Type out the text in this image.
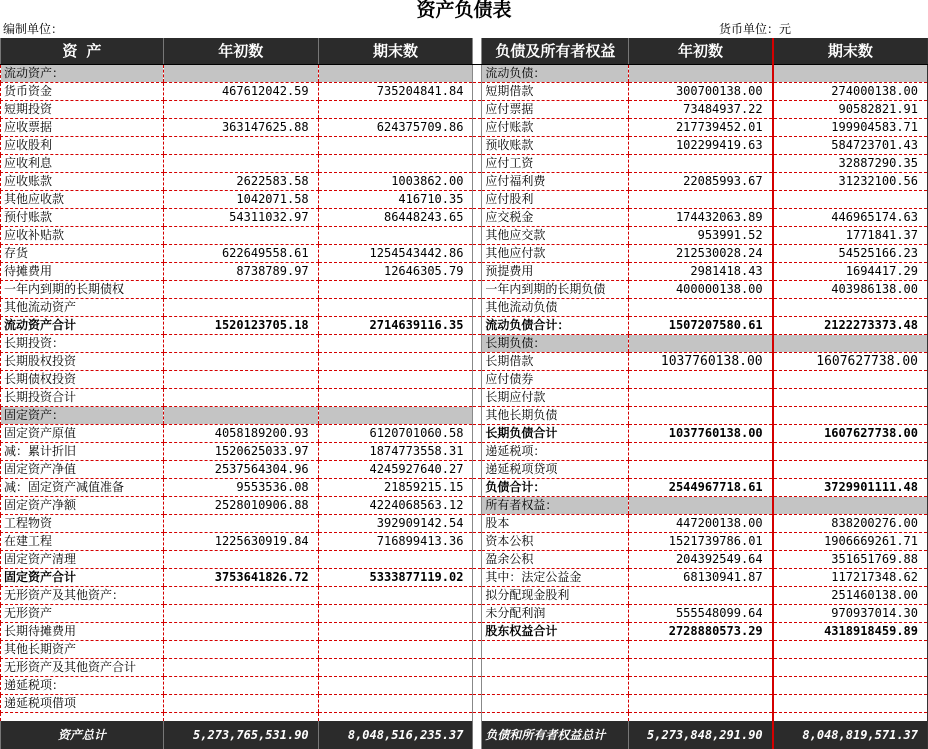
资产负债表
编制单位：	货币单位：元
资 产	年初数	期末数		负债及所有者权益	年初数	期末数
流动资产：				流动负债：		
货币资金	467612042.59	735204841.84		短期借款	300700138.00	274000138.00
短期投资				应付票据	73484937.22	90582821.91
应收票据	363147625.88	624375709.86		应付账款	217739452.01	199904583.71
应收股利				预收账款	102299419.63	584723701.43
应收利息				应付工资		32887290.35
应收账款	2622583.58	1003862.00		应付福利费	22085993.67	31232100.56
其他应收款	1042071.58	416710.35		应付股利		
预付账款	54311032.97	86448243.65		应交税金	174432063.89	446965174.63
应收补贴款				其他应交款	953991.52	1771841.37
存货	622649558.61	1254543442.86		其他应付款	212530028.24	54525166.23
待摊费用	8738789.97	12646305.79		预提费用	2981418.43	1694417.29
一年内到期的长期债权				一年内到期的长期负债	400000138.00	403986138.00
其他流动资产				其他流动负债		
流动资产合计	1520123705.18	2714639116.35		流动负债合计：	1507207580.61	2122273373.48
长期投资：				长期负债：		
长期股权投资				长期借款	1037760138.00	1607627738.00
长期债权投资				应付债券		
长期投资合计				长期应付款		
固定资产：				其他长期负债		
固定资产原值	4058189200.93	6120701060.58		长期负债合计	1037760138.00	1607627738.00
减：累计折旧	1520625033.97	1874773558.31		递延税项：		
固定资产净值	2537564304.96	4245927640.27		递延税项贷项		
减：固定资产减值准备	9553536.08	21859215.15		负债合计：	2544967718.61	3729901111.48
固定资产净额	2528010906.88	4224068563.12		所有者权益：		
工程物资		392909142.54		股本	447200138.00	838200276.00
在建工程	1225630919.84	716899413.36		资本公积	1521739786.01	1906669261.71
固定资产清理				盈余公积	204392549.64	351651769.88
固定资产合计	3753641826.72	5333877119.02		其中：法定公益金	68130941.87	117217348.62
无形资产及其他资产：				拟分配现金股利		251460138.00
无形资产				未分配利润	555548099.64	970937014.30
长期待摊费用				股东权益合计	2728880573.29	4318918459.89
其他长期资产						
无形资产及其他资产合计						
递延税项：						
递延税项借项						

资产总计	5,273,765,531.90	8,048,516,235.37		负债和所有者权益总计	5,273,848,291.90	8,048,819,571.37
